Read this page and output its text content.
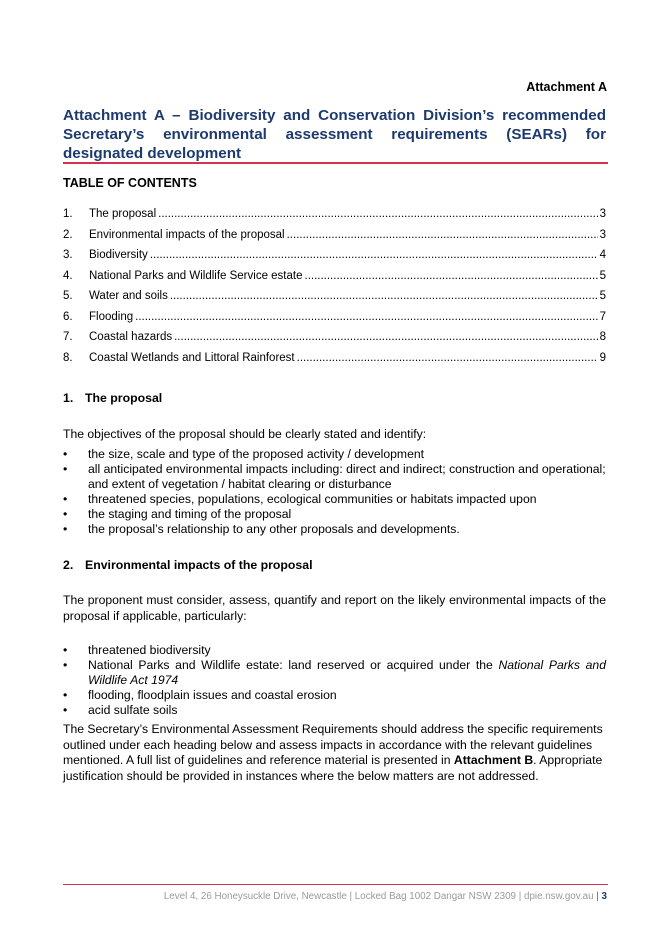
Attachment A
Attachment A – Biodiversity and Conservation Division’s recommended Secretary’s environmental assessment requirements (SEARs) for designated development
TABLE OF CONTENTS
1.	The proposal .....	3
2.	Environmental impacts of the proposal .....	3
3.	Biodiversity .....	4
4.	National Parks and Wildlife Service estate .....	5
5.	Water and soils .....	5
6.	Flooding .....	7
7.	Coastal hazards .....	8
8.	Coastal Wetlands and Littoral Rainforest .....	9
1. The proposal
The objectives of the proposal should be clearly stated and identify:
• the size, scale and type of the proposed activity / development
• all anticipated environmental impacts including: direct and indirect; construction and operational; and extent of vegetation / habitat clearing or disturbance
• threatened species, populations, ecological communities or habitats impacted upon
• the staging and timing of the proposal
• the proposal’s relationship to any other proposals and developments.
2. Environmental impacts of the proposal
The proponent must consider, assess, quantify and report on the likely environmental impacts of the proposal if applicable, particularly:
• threatened biodiversity
• National Parks and Wildlife estate: land reserved or acquired under the National Parks and Wildlife Act 1974
• flooding, floodplain issues and coastal erosion
• acid sulfate soils
The Secretary’s Environmental Assessment Requirements should address the specific requirements outlined under each heading below and assess impacts in accordance with the relevant guidelines mentioned. A full list of guidelines and reference material is presented in Attachment B. Appropriate justification should be provided in instances where the below matters are not addressed.
Level 4, 26 Honeysuckle Drive, Newcastle | Locked Bag 1002 Dangar NSW 2309 | dpie.nsw.gov.au | 3
